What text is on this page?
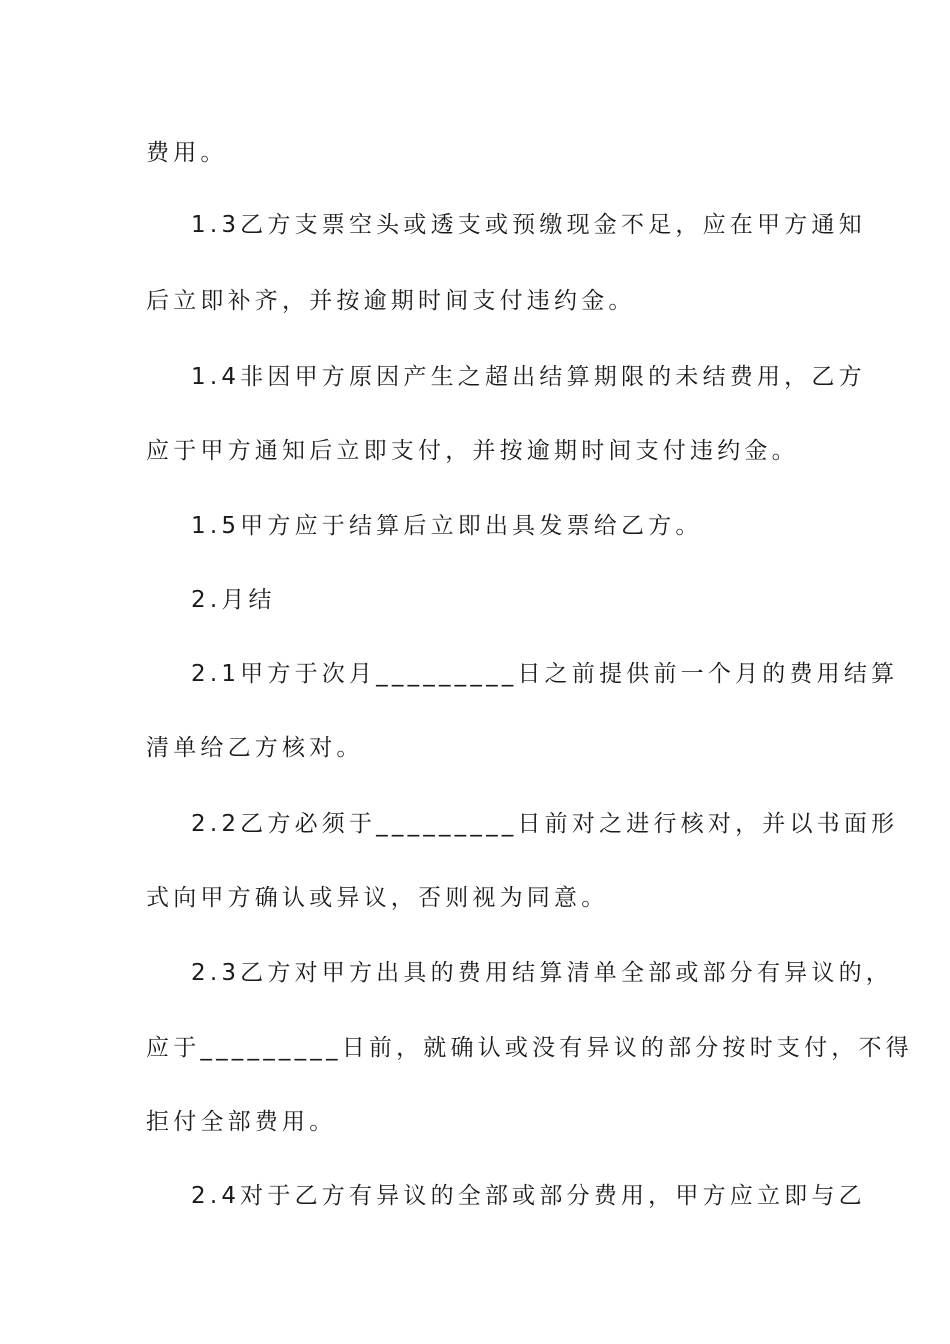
费用。
1.3乙方支票空头或透支或预缴现金不足，应在甲方通知
后立即补齐，并按逾期时间支付违约金。
1.4非因甲方原因产生之超出结算期限的未结费用，乙方
应于甲方通知后立即支付，并按逾期时间支付违约金。
1.5甲方应于结算后立即出具发票给乙方。
2.月结
2.1甲方于次月_________日之前提供前一个月的费用结算
清单给乙方核对。
2.2乙方必须于_________日前对之进行核对，并以书面形
式向甲方确认或异议，否则视为同意。
2.3乙方对甲方出具的费用结算清单全部或部分有异议的，
应于_________日前，就确认或没有异议的部分按时支付，不得
拒付全部费用。
2.4对于乙方有异议的全部或部分费用，甲方应立即与乙
